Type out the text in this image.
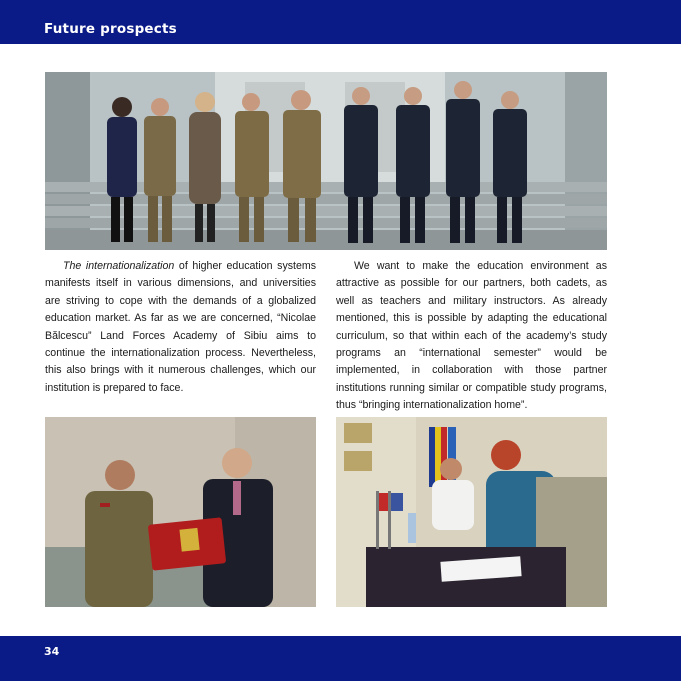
Future prospects

The internationalization of higher education systems manifests itself in various dimensions, and universities are striving to cope with the demands of a globalized education market. As far as we are concerned, “Nicolae Bălcescu” Land Forces Academy of Sibiu aims to continue the internationalization process. Nevertheless, this also brings with it numerous challenges, which our institution is prepared to face.

We want to make the education environment as attractive as possible for our partners, both cadets, as well as teachers and military instructors. As already mentioned, this is possible by adapting the educational curriculum, so that within each of the academy’s study programs an “international semester” would be implemented, in collaboration with those partner institutions running similar or compatible study programs, thus “bringing internationalization home”.

34
